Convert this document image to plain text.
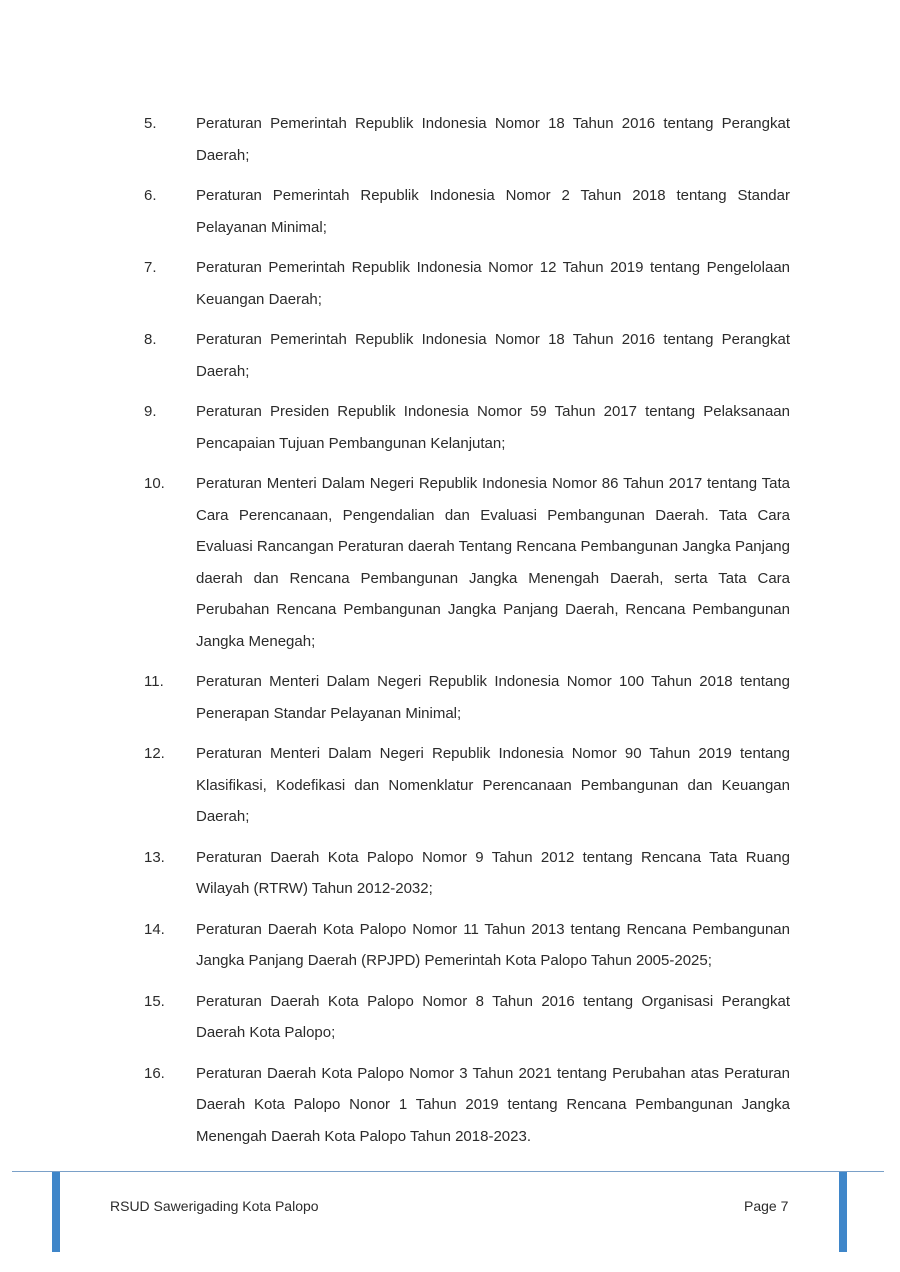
5.	Peraturan Pemerintah Republik Indonesia Nomor 18 Tahun 2016 tentang Perangkat Daerah;
6.	Peraturan Pemerintah Republik Indonesia Nomor 2 Tahun 2018 tentang Standar Pelayanan Minimal;
7.	Peraturan Pemerintah Republik Indonesia Nomor 12 Tahun 2019 tentang Pengelolaan Keuangan Daerah;
8.	Peraturan Pemerintah Republik Indonesia Nomor 18 Tahun 2016 tentang Perangkat Daerah;
9.	Peraturan Presiden Republik Indonesia Nomor 59 Tahun 2017 tentang Pelaksanaan Pencapaian Tujuan Pembangunan Kelanjutan;
10. Peraturan Menteri Dalam Negeri Republik Indonesia Nomor 86 Tahun 2017 tentang Tata Cara Perencanaan, Pengendalian dan Evaluasi Pembangunan Daerah. Tata Cara Evaluasi Rancangan Peraturan daerah Tentang Rencana Pembangunan Jangka Panjang daerah dan Rencana Pembangunan Jangka Menengah Daerah, serta Tata Cara Perubahan Rencana Pembangunan Jangka Panjang Daerah, Rencana Pembangunan Jangka Menegah;
11. Peraturan Menteri Dalam Negeri Republik Indonesia Nomor 100 Tahun 2018 tentang Penerapan Standar Pelayanan Minimal;
12. Peraturan Menteri Dalam Negeri Republik Indonesia Nomor 90 Tahun 2019 tentang Klasifikasi, Kodefikasi dan Nomenklatur Perencanaan Pembangunan dan Keuangan Daerah;
13. Peraturan Daerah Kota Palopo Nomor 9 Tahun 2012 tentang Rencana Tata Ruang Wilayah (RTRW) Tahun 2012-2032;
14. Peraturan Daerah Kota Palopo Nomor 11 Tahun 2013 tentang Rencana Pembangunan Jangka Panjang Daerah (RPJPD) Pemerintah Kota Palopo Tahun 2005-2025;
15. Peraturan Daerah Kota Palopo Nomor 8 Tahun 2016 tentang Organisasi Perangkat Daerah Kota Palopo;
16. Peraturan Daerah Kota Palopo Nomor 3 Tahun 2021 tentang Perubahan atas Peraturan Daerah Kota Palopo Nonor 1 Tahun 2019 tentang Rencana Pembangunan Jangka Menengah Daerah Kota Palopo Tahun 2018-2023.
RSUD Sawerigading Kota Palopo	Page 7
